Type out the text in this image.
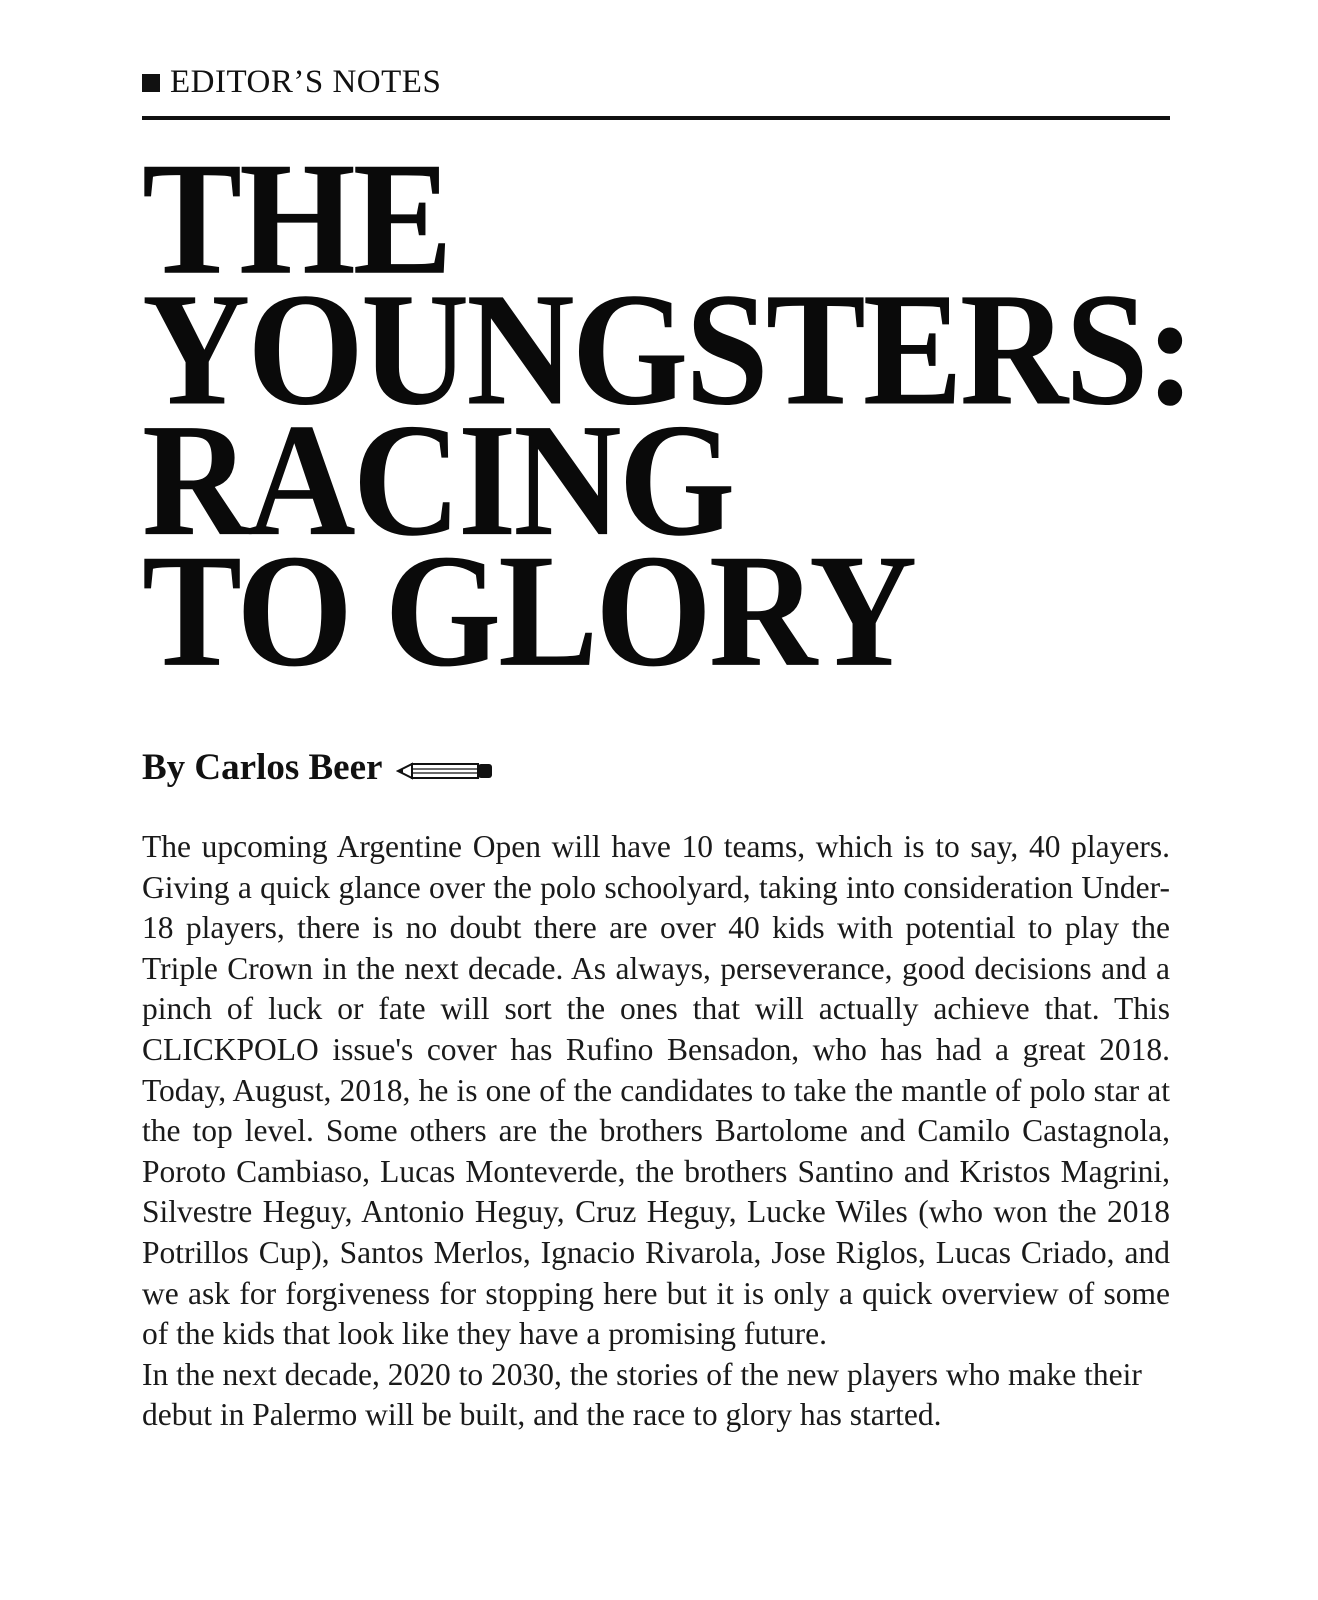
EDITOR’S NOTES
THE
YOUNGSTERS:
RACING
TO GLORY
By Carlos Beer

The upcoming Argentine Open will have 10 teams, which is to say, 40 players. Giving a quick glance over the polo schoolyard, taking into consideration Under-18 players, there is no doubt there are over 40 kids with potential to play the Triple Crown in the next decade. As always, perseverance, good decisions and a pinch of luck or fate will sort the ones that will actually achieve that. This CLICKPOLO issue's cover has Rufino Bensadon, who has had a great 2018. Today, August, 2018, he is one of the candidates to take the mantle of polo star at the top level. Some others are the brothers Bartolome and Camilo Castagnola, Poroto Cambiaso, Lucas Monteverde, the brothers Santino and Kristos Magrini, Silvestre Heguy, Antonio Heguy, Cruz Heguy, Lucke Wiles (who won the 2018 Potrillos Cup), Santos Merlos, Ignacio Rivarola, Jose Riglos, Lucas Criado, and we ask for forgiveness for stopping here but it is only a quick overview of some of the kids that look like they have a promising future.

In the next decade, 2020 to 2030, the stories of the new players who make their debut in Palermo will be built, and the race to glory has started.
